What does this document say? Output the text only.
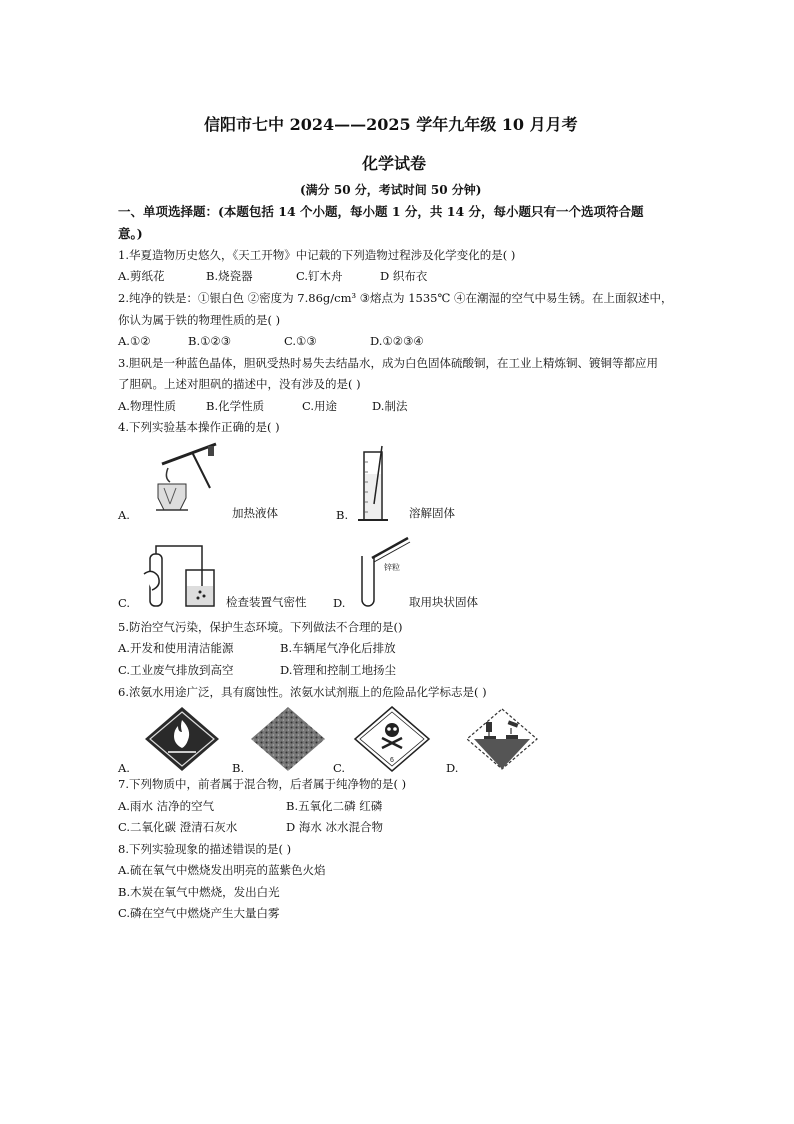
信阳市七中 2024——2025 学年九年级 10 月月考
化学试卷
(满分 50 分，考试时间 50 分钟)
一、单项选择题：(本题包括 14 个小题，每小题 1 分，共 14 分，每小题只有一个选项符合题
意。)
1.华夏造物历史悠久，《天工开物》中记载的下列造物过程涉及化学变化的是( )
A.剪纸花	B.烧瓷器	C.钉木舟	D 织布衣
2.纯净的铁是：①银白色 ②密度为 7.86g/cm³ ③熔点为 1535℃ ④在潮湿的空气中易生锈。在上面叙述中，
你认为属于铁的物理性质的是( )
A.①②	B.①②③	C.①③	D.①②③④
3.胆矾是一种蓝色晶体，胆矾受热时易失去结晶水，成为白色固体硫酸铜，在工业上精炼铜、镀铜等都应用
了胆矾。上述对胆矾的描述中，没有涉及的是( )
A.物理性质	B.化学性质	C.用途	D.制法
4.下列实验基本操作正确的是( )
A.	加热液体	B.	溶解固体
C.	检查装置气密性
锌粒
D.	取用块状固体
5.防治空气污染，保护生态环境。下列做法不合理的是()
A.开发和使用清洁能源	B.车辆尾气净化后排放
C.工业废气排放到高空	D.管理和控制工地扬尘
6.浓氨水用途广泛，具有腐蚀性。浓氨水试剂瓶上的危险品化学标志是( )
A.	B.
6
C.	D.
7.下列物质中，前者属于混合物，后者属于纯净物的是( )
A.雨水 洁净的空气	B.五氧化二磷 红磷
C.二氧化碳 澄清石灰水	D 海水 冰水混合物
8.下列实验现象的描述错误的是( )
A.硫在氧气中燃烧发出明亮的蓝紫色火焰
B.木炭在氧气中燃烧，发出白光
C.磷在空气中燃烧产生大量白雾
